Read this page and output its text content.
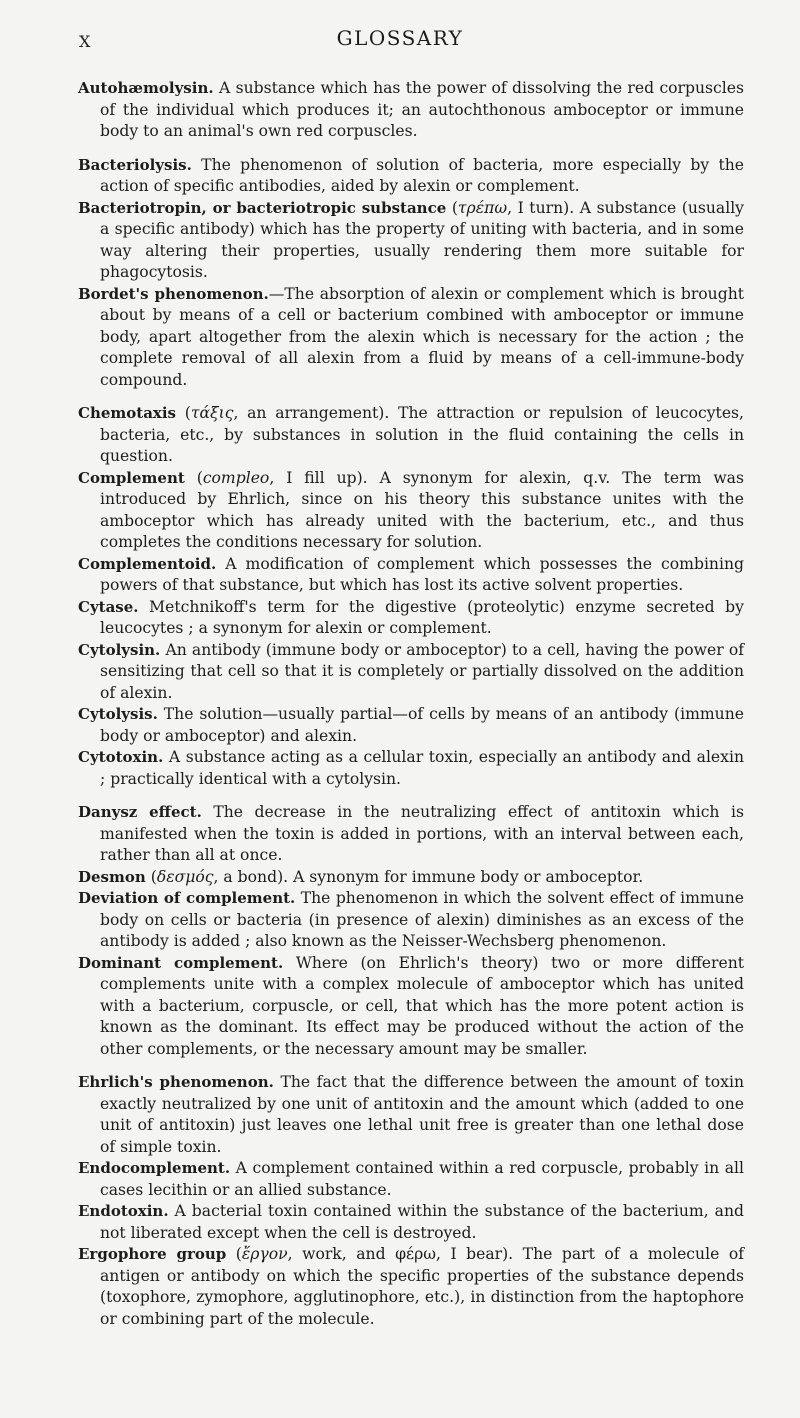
X	GLOSSARY

Autohæmolysin. A substance which has the power of dissolving the red corpuscles of the individual which produces it; an autochthonous amboceptor or immune body to an animal's own red corpuscles.

Bacteriolysis. The phenomenon of solution of bacteria, more especially by the action of specific antibodies, aided by alexin or complement.

Bacteriotropin, or bacteriotropic substance (τρέπω, I turn). A substance (usually a specific antibody) which has the property of uniting with bacteria, and in some way altering their properties, usually rendering them more suitable for phagocytosis.

Bordet's phenomenon.—The absorption of alexin or complement which is brought about by means of a cell or bacterium combined with amboceptor or immune body, apart altogether from the alexin which is necessary for the action ; the complete removal of all alexin from a fluid by means of a cell-immune-body compound.

Chemotaxis (τάξις, an arrangement). The attraction or repulsion of leucocytes, bacteria, etc., by substances in solution in the fluid containing the cells in question.

Complement (compleo, I fill up). A synonym for alexin, q.v. The term was introduced by Ehrlich, since on his theory this substance unites with the amboceptor which has already united with the bacterium, etc., and thus completes the conditions necessary for solution.

Complementoid. A modification of complement which possesses the combining powers of that substance, but which has lost its active solvent properties.

Cytase. Metchnikoff's term for the digestive (proteolytic) enzyme secreted by leucocytes ; a synonym for alexin or complement.

Cytolysin. An antibody (immune body or amboceptor) to a cell, having the power of sensitizing that cell so that it is completely or partially dissolved on the addition of alexin.

Cytolysis. The solution—usually partial—of cells by means of an antibody (immune body or amboceptor) and alexin.

Cytotoxin. A substance acting as a cellular toxin, especially an antibody and alexin ; practically identical with a cytolysin.

Danysz effect. The decrease in the neutralizing effect of antitoxin which is manifested when the toxin is added in portions, with an interval between each, rather than all at once.

Desmon (δεσμός, a bond). A synonym for immune body or amboceptor.

Deviation of complement. The phenomenon in which the solvent effect of immune body on cells or bacteria (in presence of alexin) diminishes as an excess of the antibody is added ; also known as the Neisser-Wechsberg phenomenon.

Dominant complement. Where (on Ehrlich's theory) two or more different complements unite with a complex molecule of amboceptor which has united with a bacterium, corpuscle, or cell, that which has the more potent action is known as the dominant. Its effect may be produced without the action of the other complements, or the necessary amount may be smaller.

Ehrlich's phenomenon. The fact that the difference between the amount of toxin exactly neutralized by one unit of antitoxin and the amount which (added to one unit of antitoxin) just leaves one lethal unit free is greater than one lethal dose of simple toxin.

Endocomplement. A complement contained within a red corpuscle, probably in all cases lecithin or an allied substance.

Endotoxin. A bacterial toxin contained within the substance of the bacterium, and not liberated except when the cell is destroyed.

Ergophore group (ἔργον, work, and φέρω, I bear). The part of a molecule of antigen or antibody on which the specific properties of the substance depends (toxophore, zymophore, agglutinophore, etc.), in distinction from the haptophore or combining part of the molecule.
